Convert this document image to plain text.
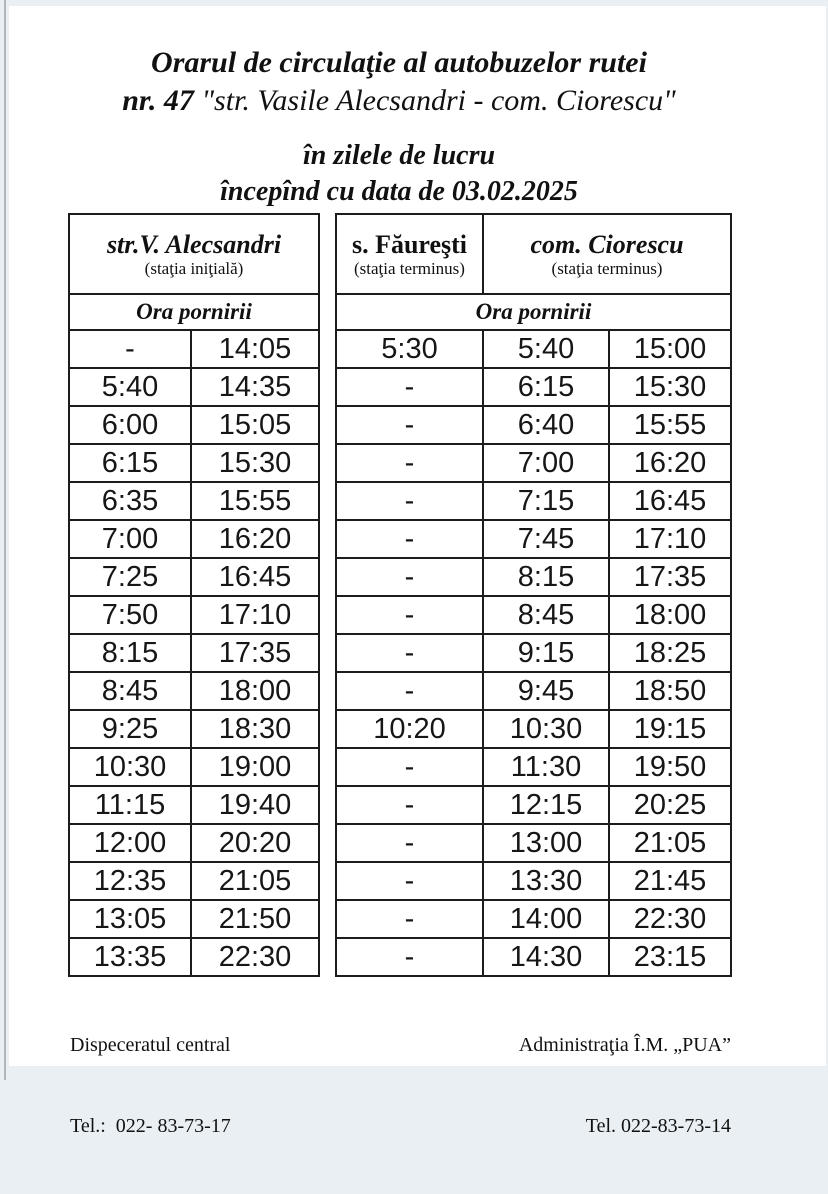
Orarul de circulaţie al autobuzelor rutei
nr. 47 "str. Vasile Alecsandri - com. Ciorescu"
în zilele de lucru
începînd cu data de 03.02.2025
str.V. Alecsandri
(staţia iniţială)	

Ora pornirii	
-	14:05
5:40	14:35
6:00	15:05
6:15	15:30
6:35	15:55
7:00	16:20
7:25	16:45
7:50	17:10
8:15	17:35
8:45	18:00
9:25	18:30
10:30	19:00
11:15	19:40
12:00	20:20
12:35	21:05
13:05	21:50
13:35	22:30
s. Făureşti
(staţia terminus)

com. Ciorescu
(staţia terminus)

Ora pornirii		
5:30	5:40	15:00
-	6:15	15:30
-	6:40	15:55
-	7:00	16:20
-	7:15	16:45
-	7:45	17:10
-	8:15	17:35
-	8:45	18:00
-	9:15	18:25
-	9:45	18:50
10:20	10:30	19:15
-	11:30	19:50
-	12:15	20:25
-	13:00	21:05
-	13:30	21:45
-	14:00	22:30
-	14:30	23:15

Dispeceratul central

Tel.:  022- 83-73-17

Administraţia Î.M. „PUA”

Tel. 022-83-73-14
